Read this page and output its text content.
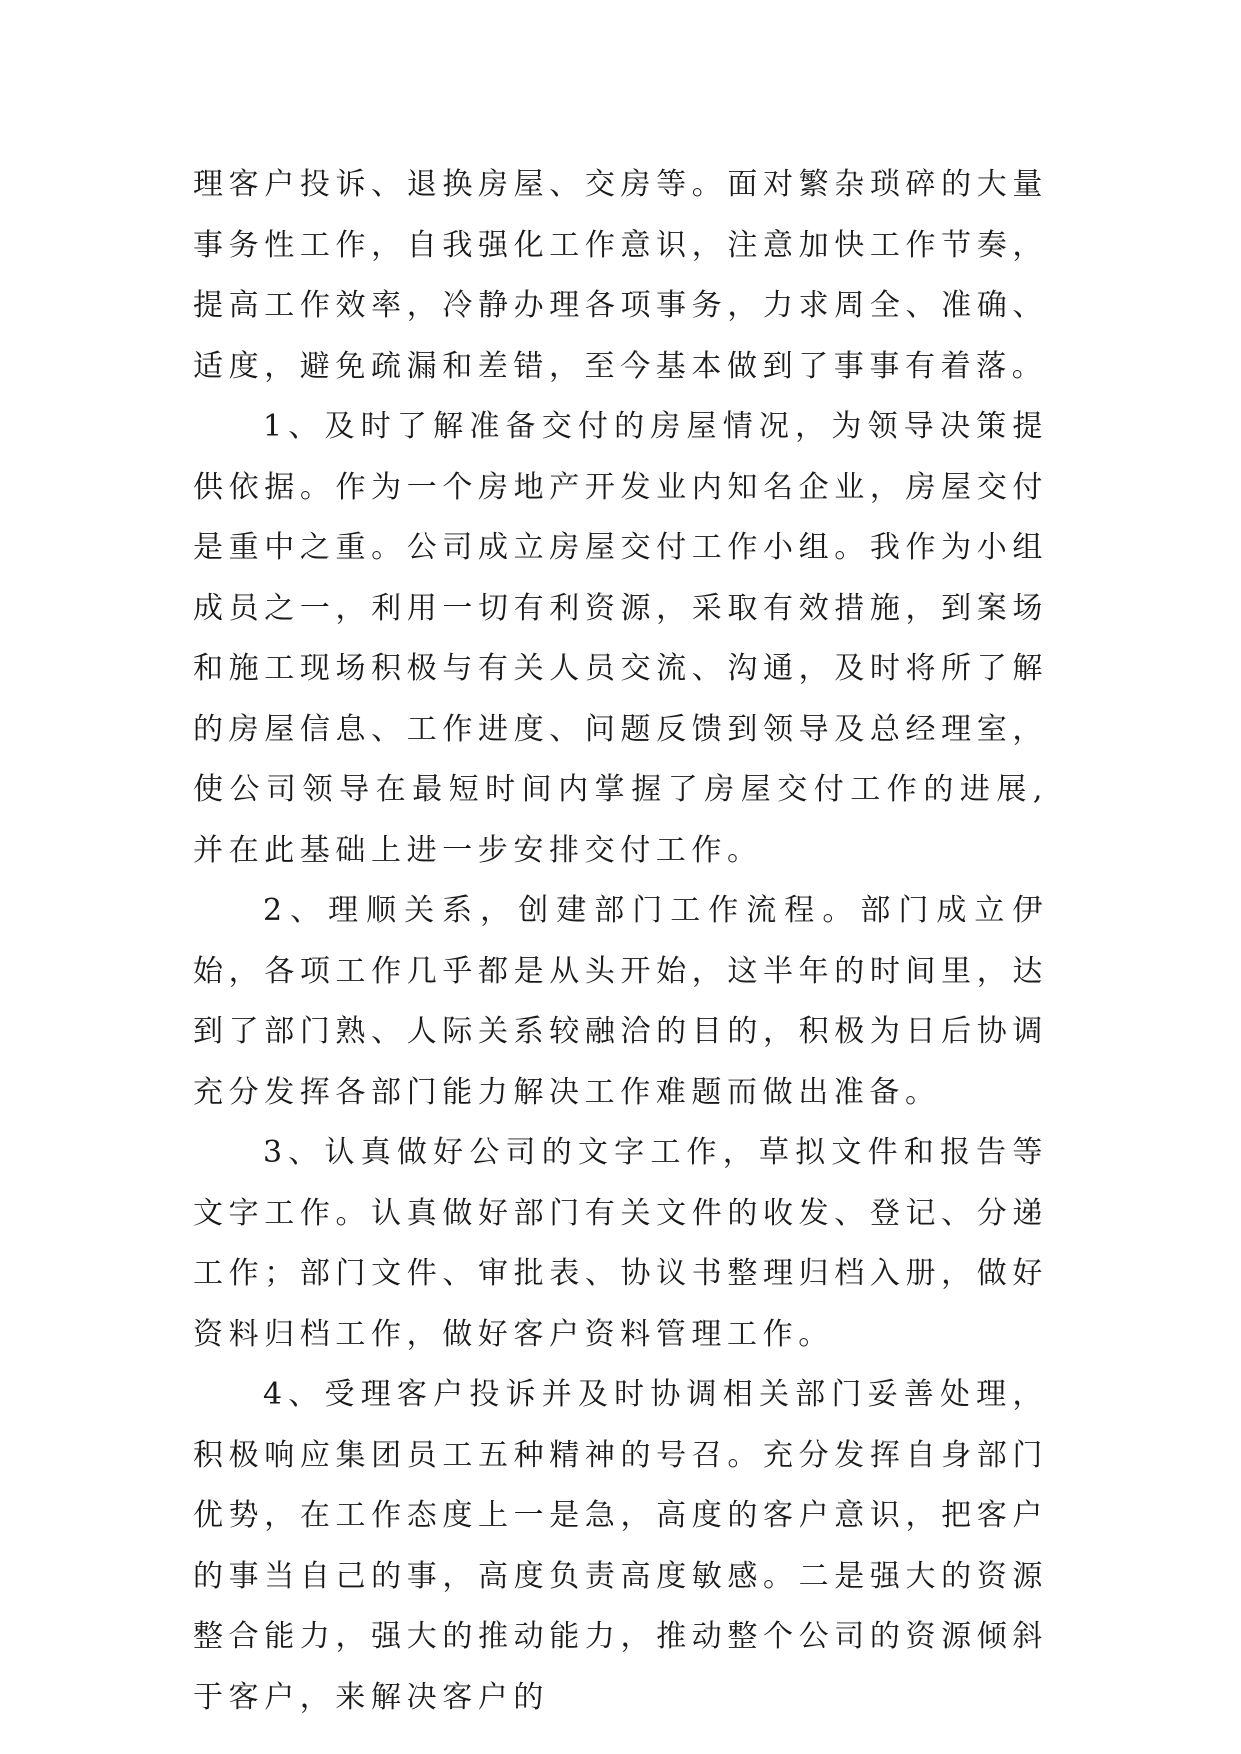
理客户投诉、退换房屋、交房等。面对繁杂琐碎的大量事务性工作，自我强化工作意识，注意加快工作节奏，提高工作效率，冷静办理各项事务，力求周全、准确、适度，避免疏漏和差错，至今基本做到了事事有着落。

1、及时了解准备交付的房屋情况，为领导决策提供依据。作为一个房地产开发业内知名企业，房屋交付是重中之重。公司成立房屋交付工作小组。我作为小组成员之一，利用一切有利资源，采取有效措施，到案场和施工现场积极与有关人员交流、沟通，及时将所了解的房屋信息、工作进度、问题反馈到领导及总经理室，使公司领导在最短时间内掌握了房屋交付工作的进展,并在此基础上进一步安排交付工作。

2、理顺关系，创建部门工作流程。部门成立伊始，各项工作几乎都是从头开始，这半年的时间里，达到了部门熟、人际关系较融洽的目的，积极为日后协调充分发挥各部门能力解决工作难题而做出准备。

3、认真做好公司的文字工作，草拟文件和报告等文字工作。认真做好部门有关文件的收发、登记、分递工作；部门文件、审批表、协议书整理归档入册，做好资料归档工作，做好客户资料管理工作。

4、受理客户投诉并及时协调相关部门妥善处理，积极响应集团员工五种精神的号召。充分发挥自身部门优势，在工作态度上一是急，高度的客户意识，把客户的事当自己的事，高度负责高度敏感。二是强大的资源整合能力，强大的推动能力，推动整个公司的资源倾斜于客户，来解决客户的
